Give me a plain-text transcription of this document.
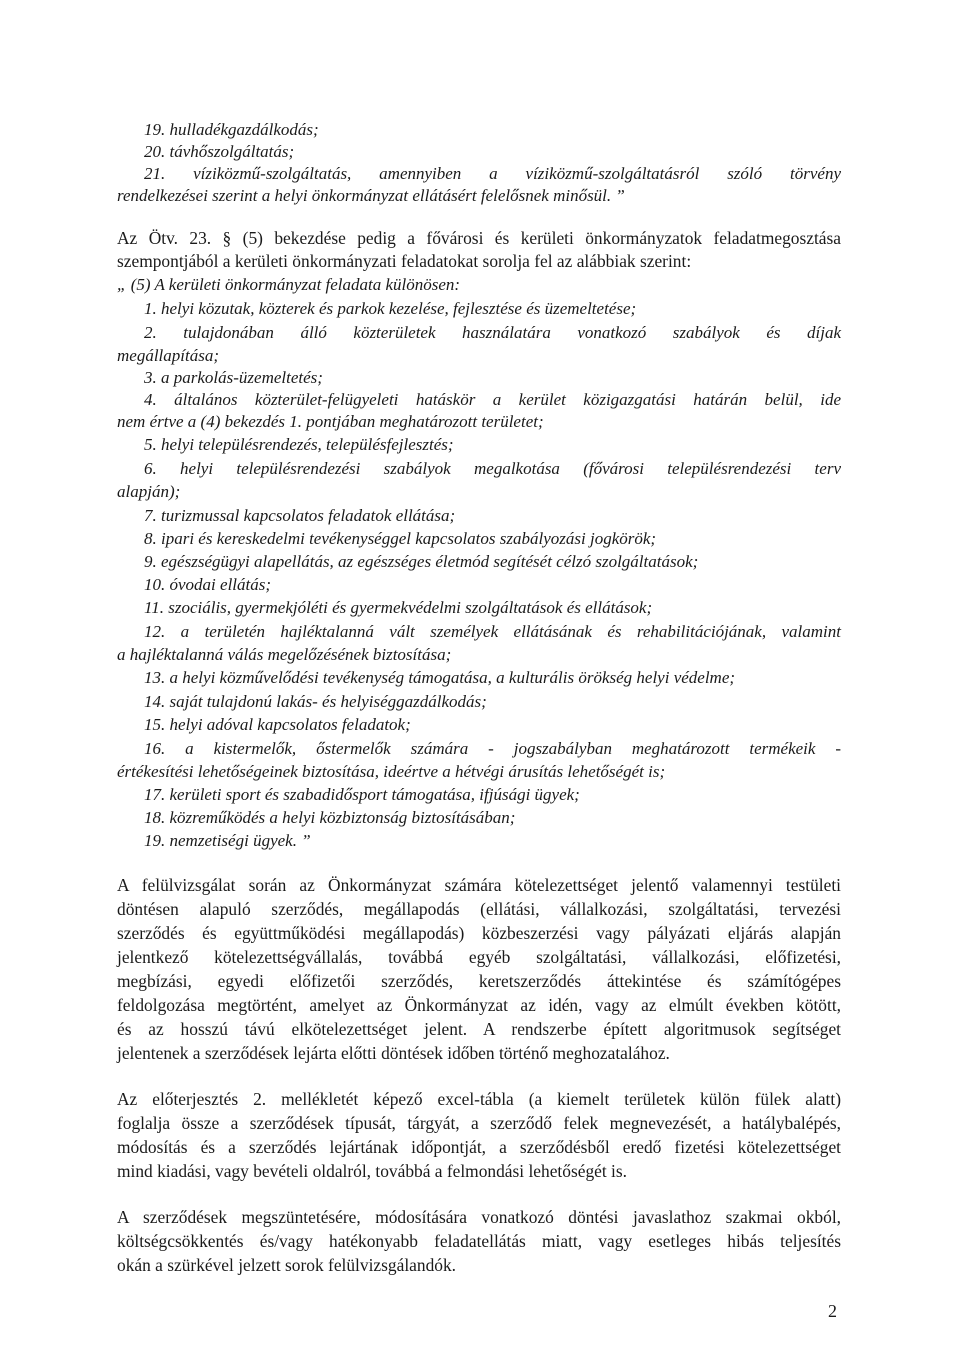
19. hulladékgazdálkodás;

20. távhőszolgáltatás;

21. víziközmű-szolgáltatás, amennyiben a víziközmű-szolgáltatásról szóló törvény

rendelkezései szerint a helyi önkormányzat ellátásért felelősnek minősül. ”

Az Ötv. 23. § (5) bekezdése pedig a fővárosi és kerületi önkormányzatok feladatmegosztása

szempontjából a kerületi önkormányzati feladatokat sorolja fel az alábbiak szerint:

„ (5) A kerületi önkormányzat feladata különösen:

1. helyi közutak, közterek és parkok kezelése, fejlesztése és üzemeltetése;

2. tulajdonában álló közterületek használatára vonatkozó szabályok és díjak

megállapítása;

3. a parkolás-üzemeltetés;

4. általános közterület-felügyeleti hatáskör a kerület közigazgatási határán belül, ide

nem értve a (4) bekezdés 1. pontjában meghatározott területet;

5. helyi településrendezés, településfejlesztés;

6. helyi településrendezési szabályok megalkotása (fővárosi településrendezési terv

alapján);

7. turizmussal kapcsolatos feladatok ellátása;

8. ipari és kereskedelmi tevékenységgel kapcsolatos szabályozási jogkörök;

9. egészségügyi alapellátás, az egészséges életmód segítését célzó szolgáltatások;

10. óvodai ellátás;

11. szociális, gyermekjóléti és gyermekvédelmi szolgáltatások és ellátások;

12. a területén hajléktalanná vált személyek ellátásának és rehabilitációjának, valamint

a hajléktalanná válás megelőzésének biztosítása;

13. a helyi közművelődési tevékenység támogatása, a kulturális örökség helyi védelme;

14. saját tulajdonú lakás- és helyiséggazdálkodás;

15. helyi adóval kapcsolatos feladatok;

16. a kistermelők, őstermelők számára - jogszabályban meghatározott termékeik -

értékesítési lehetőségeinek biztosítása, ideértve a hétvégi árusítás lehetőségét is;

17. kerületi sport és szabadidősport támogatása, ifjúsági ügyek;

18. közreműködés a helyi közbiztonság biztosításában;

19. nemzetiségi ügyek. ”

A felülvizsgálat során az Önkormányzat számára kötelezettséget jelentő valamennyi testületi

döntésen alapuló szerződés, megállapodás (ellátási, vállalkozási, szolgáltatási, tervezési

szerződés és együttműködési megállapodás) közbeszerzési vagy pályázati eljárás alapján

jelentkező kötelezettségvállalás, továbbá egyéb szolgáltatási, vállalkozási, előfizetési,

megbízási, egyedi előfizetői szerződés, keretszerződés áttekintése és számítógépes

feldolgozása megtörtént, amelyet az Önkormányzat az idén, vagy az elmúlt években kötött,

és az hosszú távú elkötelezettséget jelent. A rendszerbe épített algoritmusok segítséget

jelentenek a szerződések lejárta előtti döntések időben történő meghozatalához.

Az előterjesztés 2. mellékletét képező excel-tábla (a kiemelt területek külön fülek alatt)

foglalja össze a szerződések típusát, tárgyát, a szerződő felek megnevezését, a hatálybalépés,

módosítás és a szerződés lejártának időpontját, a szerződésből eredő fizetési kötelezettséget

mind kiadási, vagy bevételi oldalról, továbbá a felmondási lehetőségét is.

A szerződések megszüntetésére, módosítására vonatkozó döntési javaslathoz szakmai okból,

költségcsökkentés és/vagy hatékonyabb feladatellátás miatt, vagy esetleges hibás teljesítés

okán a szürkével jelzett sorok felülvizsgálandók.

2
